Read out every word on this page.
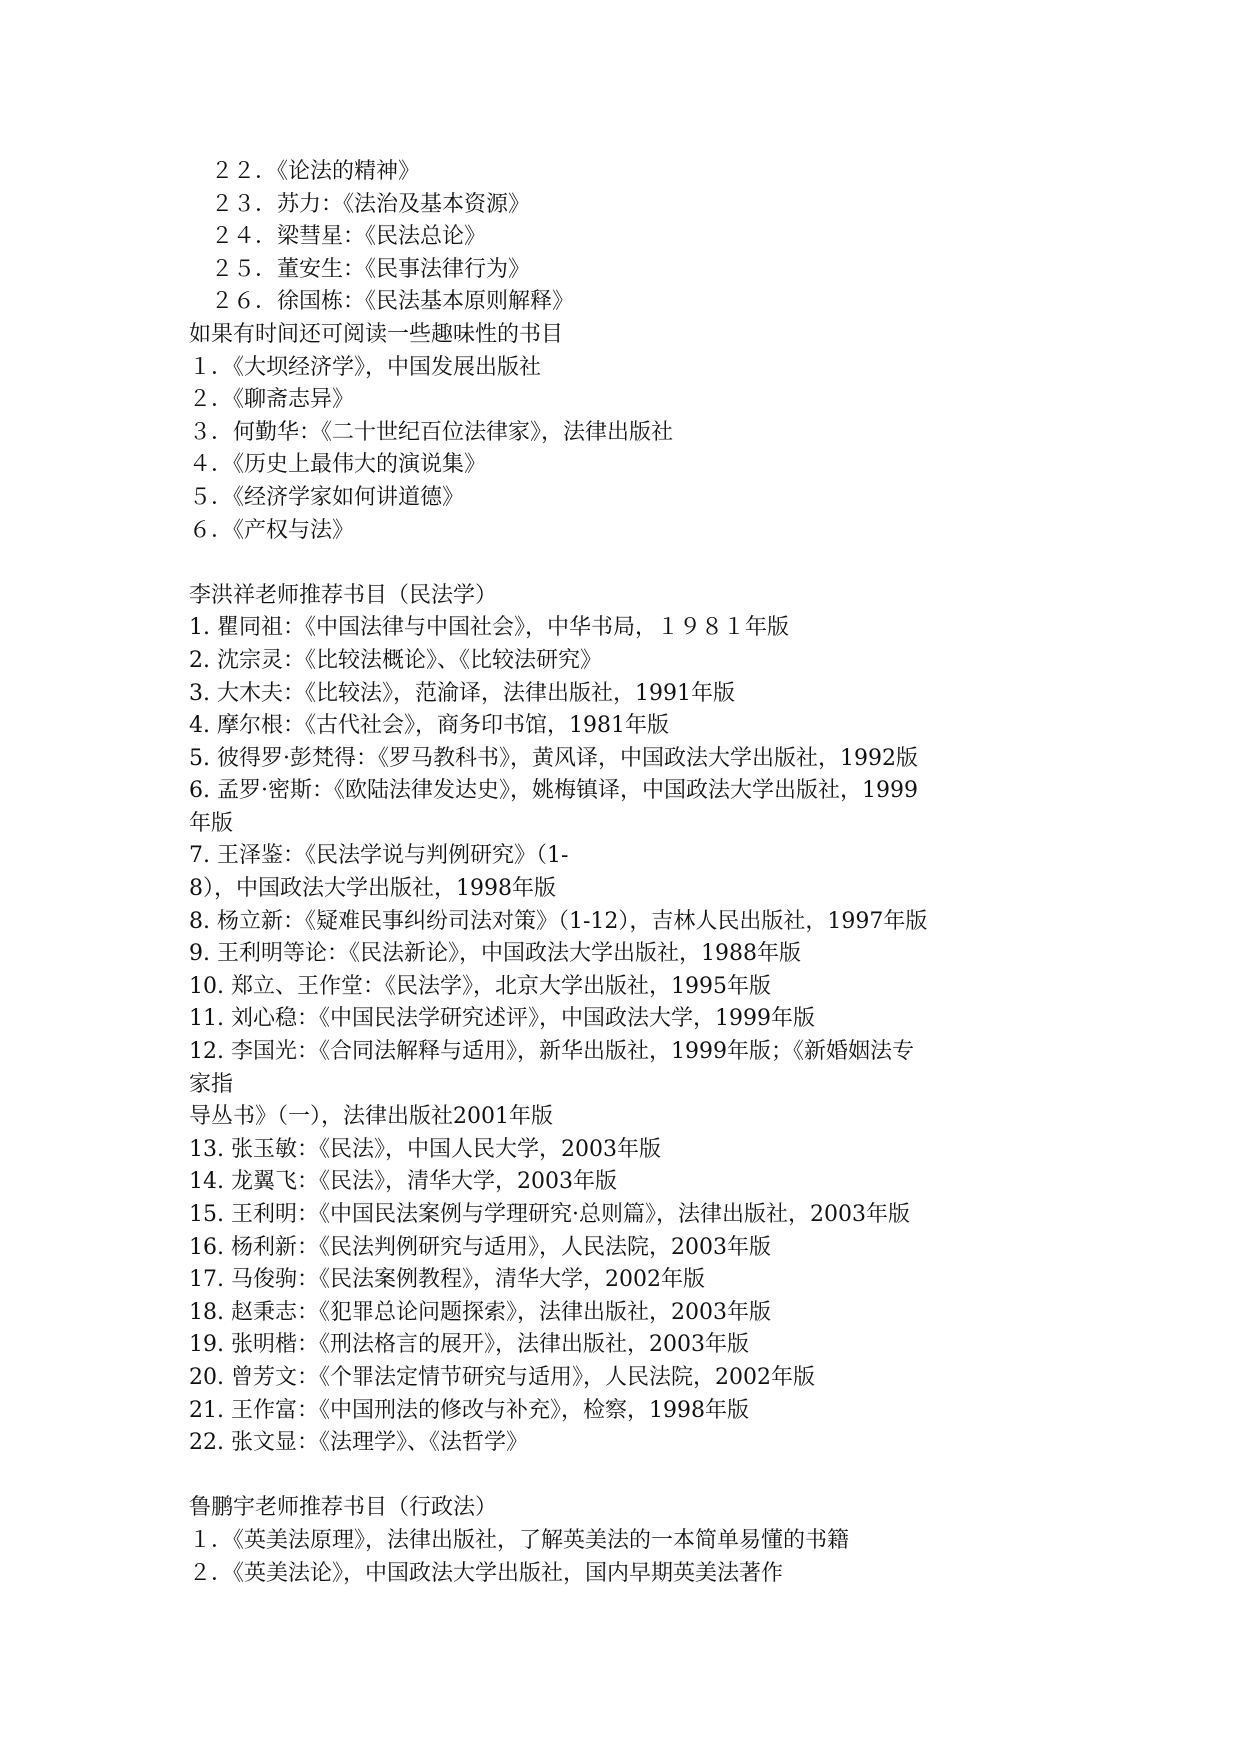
　２２．《论法的精神》
　２３．苏力：《法治及基本资源》
　２４．梁彗星：《民法总论》
　２５．董安生：《民事法律行为》
　２６．徐国栋：《民法基本原则解释》
如果有时间还可阅读一些趣味性的书目
１．《大坝经济学》，中国发展出版社
２．《聊斋志异》
３．何勤华：《二十世纪百位法律家》，法律出版社
４．《历史上最伟大的演说集》
５．《经济学家如何讲道德》
６．《产权与法》
李洪祥老师推荐书目（民法学）
1. 瞿同祖：《中国法律与中国社会》，中华书局，１９８１年版
2. 沈宗灵：《比较法概论》、《比较法研究》
3. 大木夫：《比较法》，范渝译，法律出版社，1991年版
4. 摩尔根：《古代社会》，商务印书馆，1981年版
5. 彼得罗·彭梵得：《罗马教科书》，黄风译，中国政法大学出版社，1992版
6. 孟罗·密斯：《欧陆法律发达史》，姚梅镇译，中国政法大学出版社，1999
年版
7. 王泽鉴：《民法学说与判例研究》（1-
8），中国政法大学出版社，1998年版
8. 杨立新：《疑难民事纠纷司法对策》（1-12），吉林人民出版社，1997年版
9. 王利明等论：《民法新论》，中国政法大学出版社，1988年版
10. 郑立、王作堂：《民法学》，北京大学出版社，1995年版
11. 刘心稳：《中国民法学研究述评》，中国政法大学，1999年版
12. 李国光：《合同法解释与适用》，新华出版社，1999年版；《新婚姻法专
家指
导丛书》（一），法律出版社2001年版
13. 张玉敏：《民法》，中国人民大学，2003年版
14. 龙翼飞：《民法》，清华大学，2003年版
15. 王利明：《中国民法案例与学理研究·总则篇》，法律出版社，2003年版
16. 杨利新：《民法判例研究与适用》，人民法院，2003年版
17. 马俊驹：《民法案例教程》，清华大学，2002年版
18. 赵秉志：《犯罪总论问题探索》，法律出版社，2003年版
19. 张明楷：《刑法格言的展开》，法律出版社，2003年版
20. 曾芳文：《个罪法定情节研究与适用》，人民法院，2002年版
21. 王作富：《中国刑法的修改与补充》，检察，1998年版
22. 张文显：《法理学》、《法哲学》
鲁鹏宇老师推荐书目（行政法）
１．《英美法原理》，法律出版社，了解英美法的一本简单易懂的书籍
２．《英美法论》，中国政法大学出版社，国内早期英美法著作
